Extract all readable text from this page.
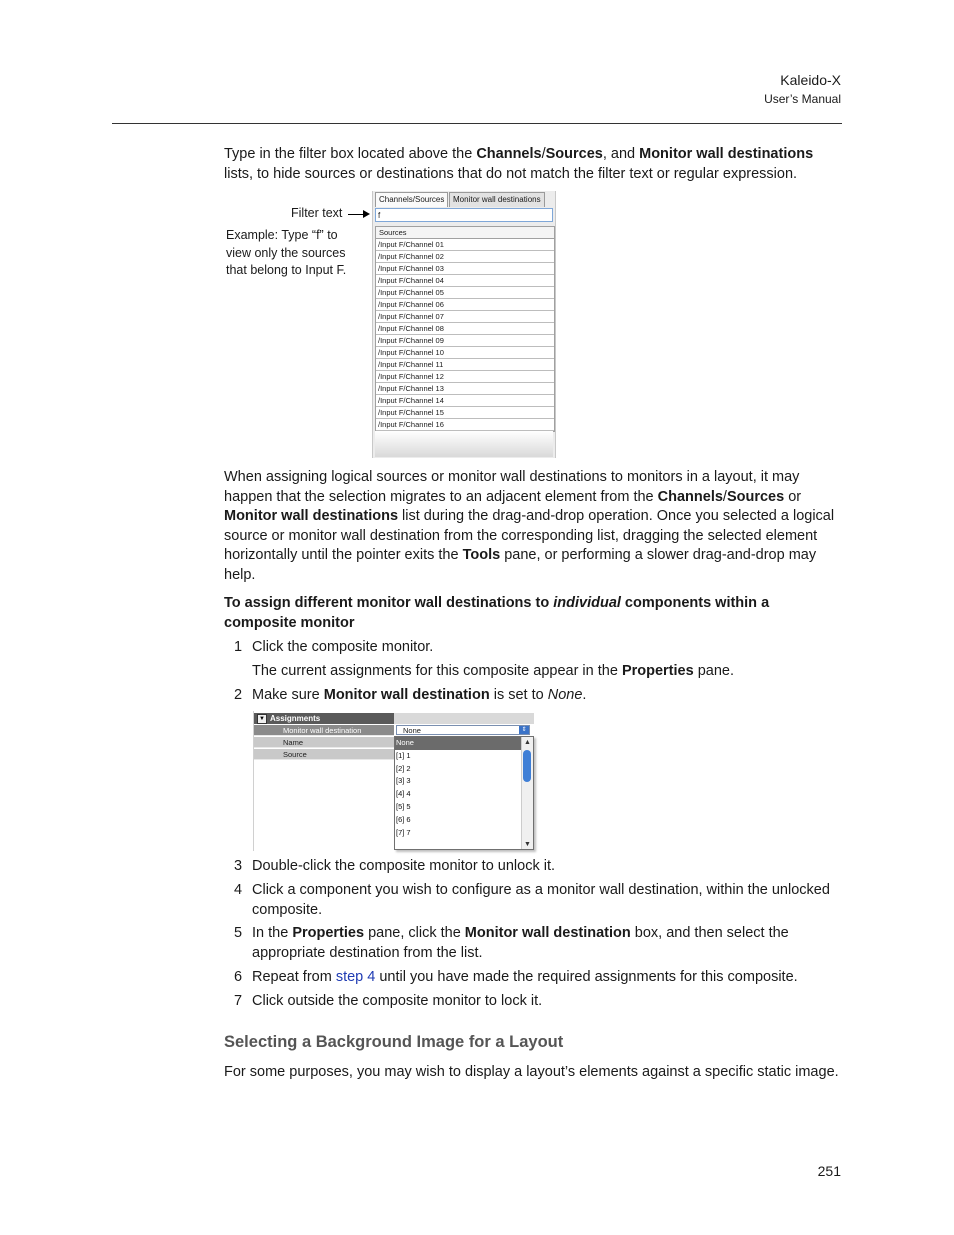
Kaleido-X
User’s Manual
Type in the filter box located above the Channels/Sources, and Monitor wall destinations lists, to hide sources or destinations that do not match the filter text or regular expression.
Filter text
Example: Type “f” to
view only the sources
that belong to Input F.
Channels/Sources	Monitor wall destinations
f
Sources
/Input F/Channel 01
/Input F/Channel 02
/Input F/Channel 03
/Input F/Channel 04
/Input F/Channel 05
/Input F/Channel 06
/Input F/Channel 07
/Input F/Channel 08
/Input F/Channel 09
/Input F/Channel 10
/Input F/Channel 11
/Input F/Channel 12
/Input F/Channel 13
/Input F/Channel 14
/Input F/Channel 15
/Input F/Channel 16
When assigning logical sources or monitor wall destinations to monitors in a layout, it may happen that the selection migrates to an adjacent element from the Channels/Sources or Monitor wall destinations list during the drag-and-drop operation. Once you selected a logical source or monitor wall destination from the corresponding list, dragging the selected element horizontally until the pointer exits the Tools pane, or performing a slower drag-and-drop may help.
To assign different monitor wall destinations to individual components within a composite monitor
1 Click the composite monitor.
The current assignments for this composite appear in the Properties pane.
2 Make sure Monitor wall destination is set to None.
▼ Assignments
Monitor wall destination
Name
Source
None	⇕
None
[1] 1
[2] 2
[3] 3
[4] 4
[5] 5
[6] 6
[7] 7
▲
▼
3 Double-click the composite monitor to unlock it.
4 Click a component you wish to configure as a monitor wall destination, within the unlocked composite.
5 In the Properties pane, click the Monitor wall destination box, and then select the appropriate destination from the list.
6 Repeat from step 4 until you have made the required assignments for this composite.
7 Click outside the composite monitor to lock it.
Selecting a Background Image for a Layout
For some purposes, you may wish to display a layout’s elements against a specific static image.
251
